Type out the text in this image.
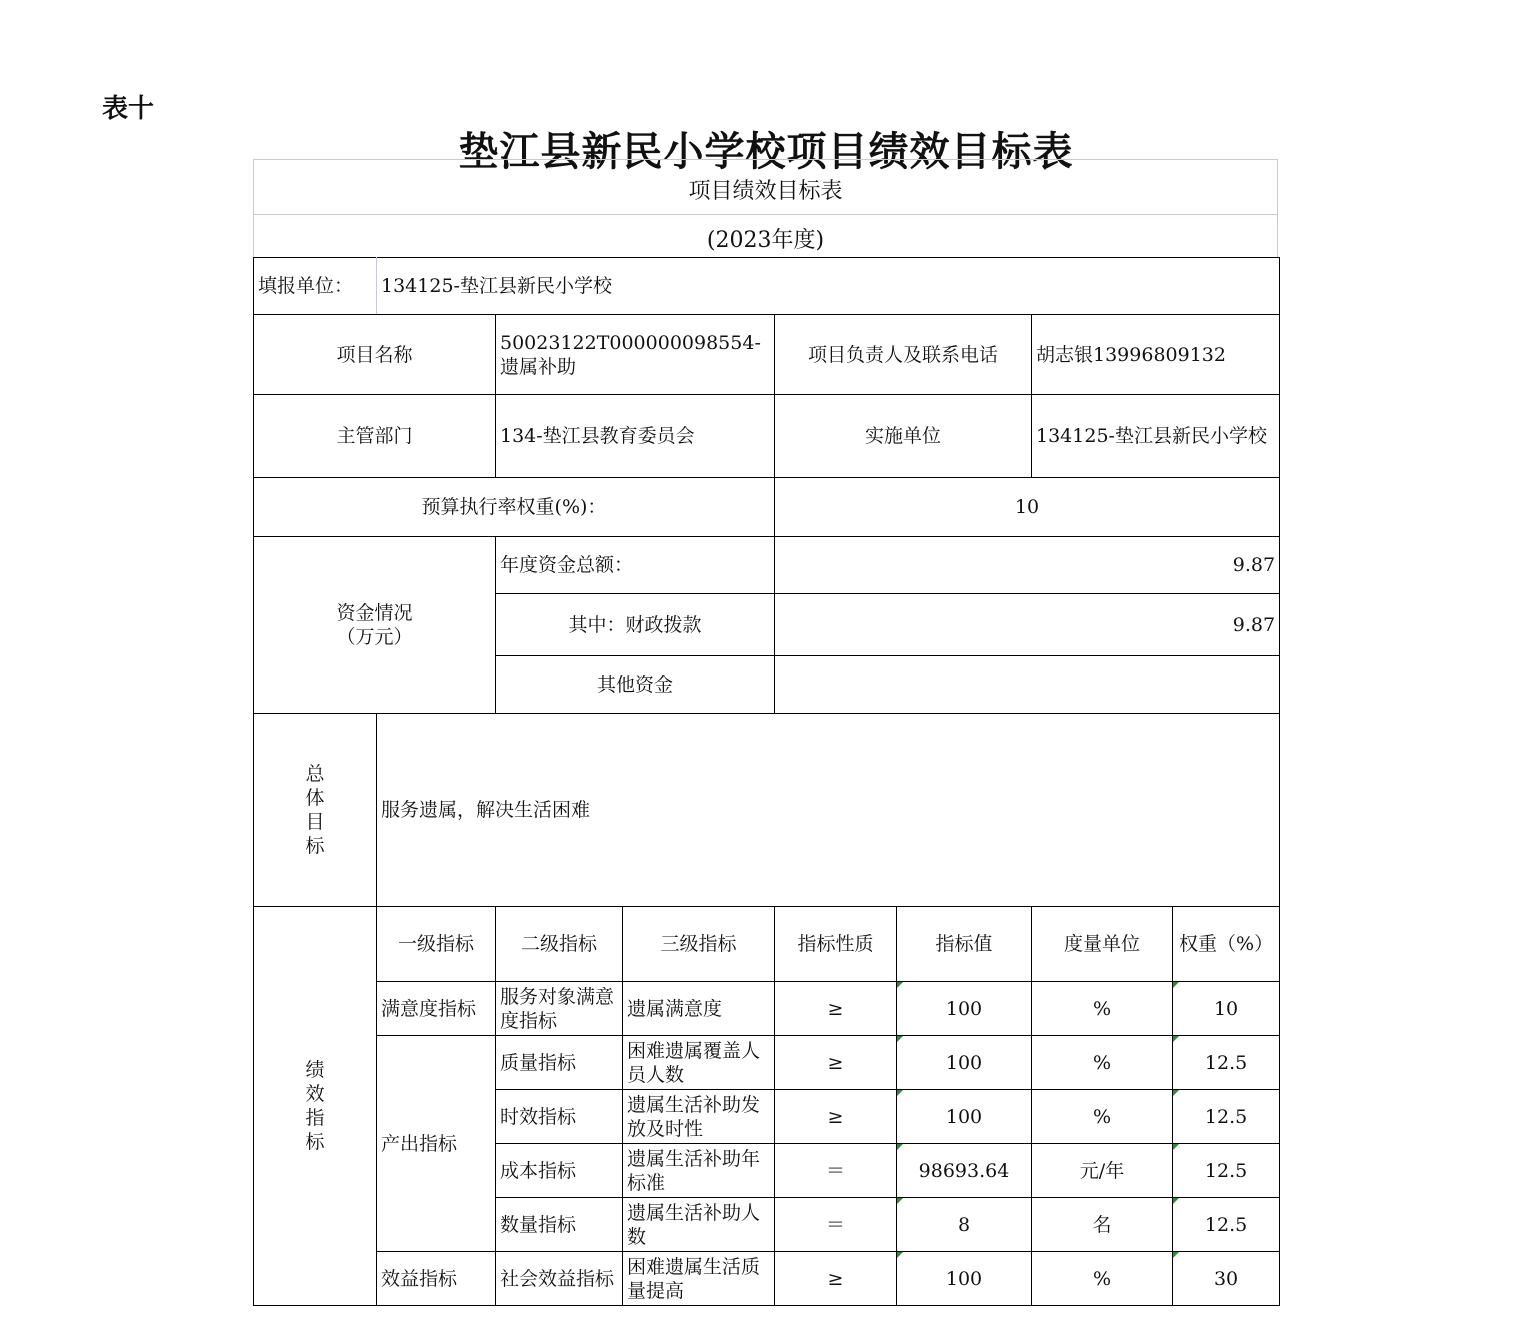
表十
垫江县新民小学校项目绩效目标表
项目绩效目标表
(2023年度)
填报单位：	134125-垫江县新民小学校						
项目名称		50023122T000000098554-遗属补助		项目负责人及联系电话		胡志银13996809132	
主管部门		134-垫江县教育委员会		实施单位		134125-垫江县新民小学校	
预算执行率权重(%)：				10			

资金情况
（万元）		年度资金总额：		9.87			
		其中：财政拨款		9.87			
		其他资金					

总
体
目
标	服务遗属，解决生活困难						

绩
效
指
标	一级指标	二级指标	三级指标	指标性质	指标值	度量单位	权重（%）
	满意度指标	服务对象满意度指标	遗属满意度	≥	100	%	10
	产出指标	质量指标	困难遗属覆盖人员人数	≥	100	%	12.5
		时效指标	遗属生活补助发放及时性	≥	100	%	12.5
		成本指标	遗属生活补助年标准	＝	98693.64	元/年	12.5
		数量指标	遗属生活补助人数	＝	8	名	12.5
	效益指标	社会效益指标	困难遗属生活质量提高	≥	100	%	30
